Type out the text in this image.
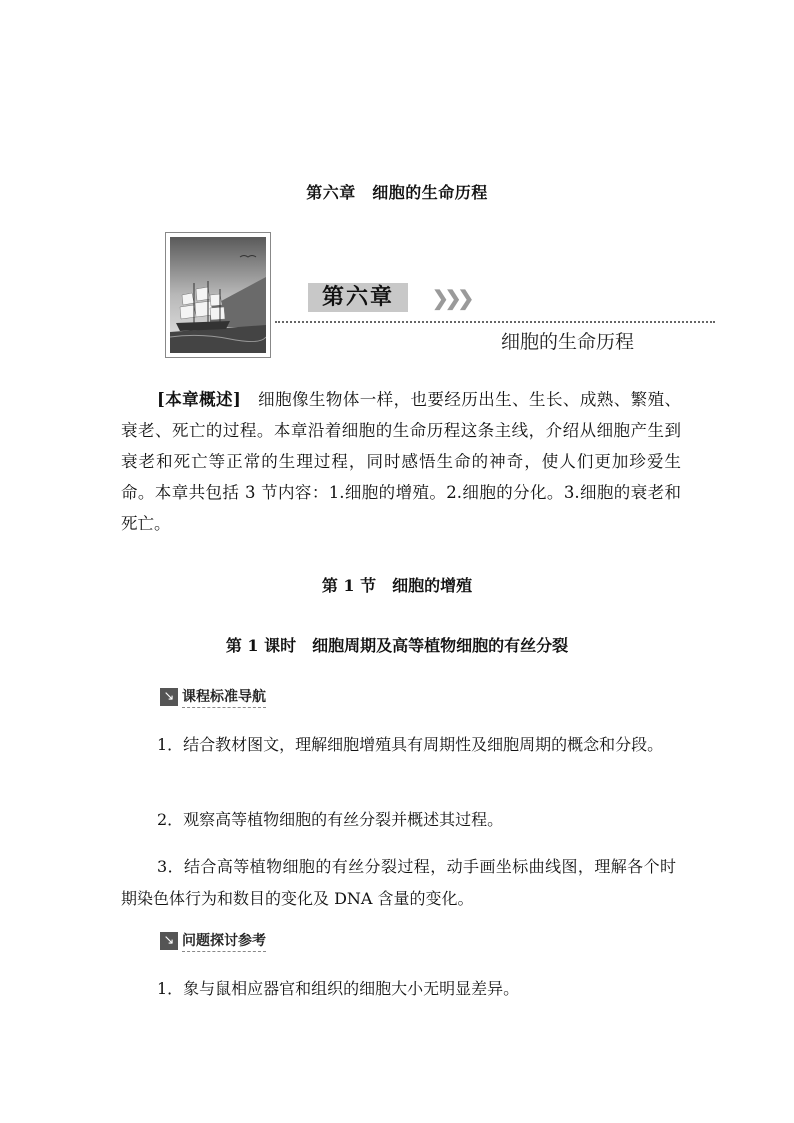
第六章　细胞的生命历程
第六章	❯❯❯
细胞的生命历程
[本章概述]　 细胞像生物体一样，也要经历出生、生长、成熟、繁殖、衰老、死亡的过程。本章沿着细胞的生命历程这条主线，介绍从细胞产生到衰老和死亡等正常的生理过程，同时感悟生命的神奇，使人们更加珍爱生命。本章共包括 3 节内容：1.细胞的增殖。2.细胞的分化。3.细胞的衰老和死亡。
第 1 节　细胞的增殖
第 1 课时　细胞周期及高等植物细胞的有丝分裂
↘ 课程标准导航
1．结合教材图文，理解细胞增殖具有周期性及细胞周期的概念和分段。
2．观察高等植物细胞的有丝分裂并概述其过程。
3．结合高等植物细胞的有丝分裂过程，动手画坐标曲线图，理解各个时期染色体行为和数目的变化及 DNA 含量的变化。
↘ 问题探讨参考
1．象与鼠相应器官和组织的细胞大小无明显差异。
